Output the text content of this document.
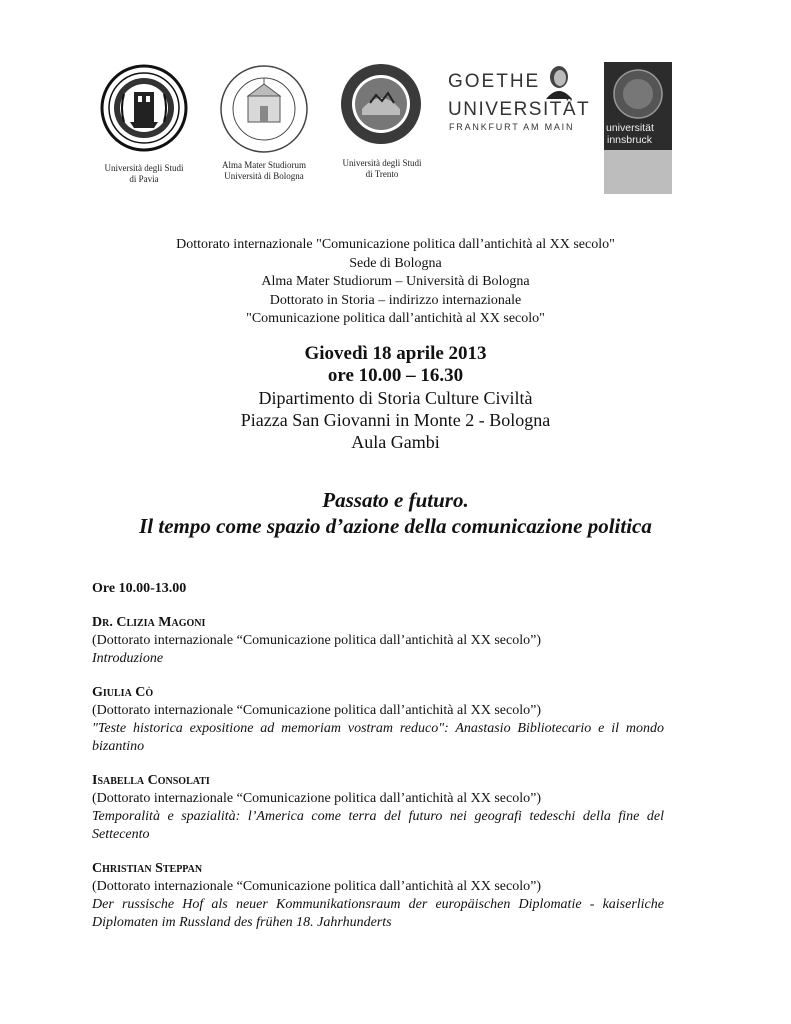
Università degli Studi
di Pavia
Alma Mater Studiorum
Università di Bologna
Università degli Studi
di Trento
GOETHE
UNIVERSITÄT
FRANKFURT AM MAIN	universität
innsbruck
Dottorato internazionale "Comunicazione politica dall’antichità al XX secolo"
Sede di Bologna
Alma Mater Studiorum – Università di Bologna
Dottorato in Storia – indirizzo internazionale
"Comunicazione politica dall’antichità al XX secolo"
Giovedì 18 aprile 2013
ore 10.00 – 16.30
Dipartimento di Storia Culture Civiltà
Piazza San Giovanni in Monte 2 - Bologna
Aula Gambi
Passato e futuro.
Il tempo come spazio d’azione della comunicazione politica
Ore 10.00-13.00
Dr. Clizia Magoni
(Dottorato internazionale “Comunicazione politica dall’antichità al XX secolo”)
Introduzione
Giulia Cò
(Dottorato internazionale “Comunicazione politica dall’antichità al XX secolo”)
"Teste historica expositione ad memoriam vostram reduco": Anastasio Bibliotecario e il mondo bizantino
Isabella Consolati
(Dottorato internazionale “Comunicazione politica dall’antichità al XX secolo”)
Temporalità e spazialità: l’America come terra del futuro nei geografi tedeschi della fine del Settecento
Christian Steppan
(Dottorato internazionale “Comunicazione politica dall’antichità al XX secolo”)
Der russische Hof als neuer Kommunikationsraum der europäischen Diplomatie - kaiserliche Diplomaten im Russland des frühen 18. Jahrhunderts
